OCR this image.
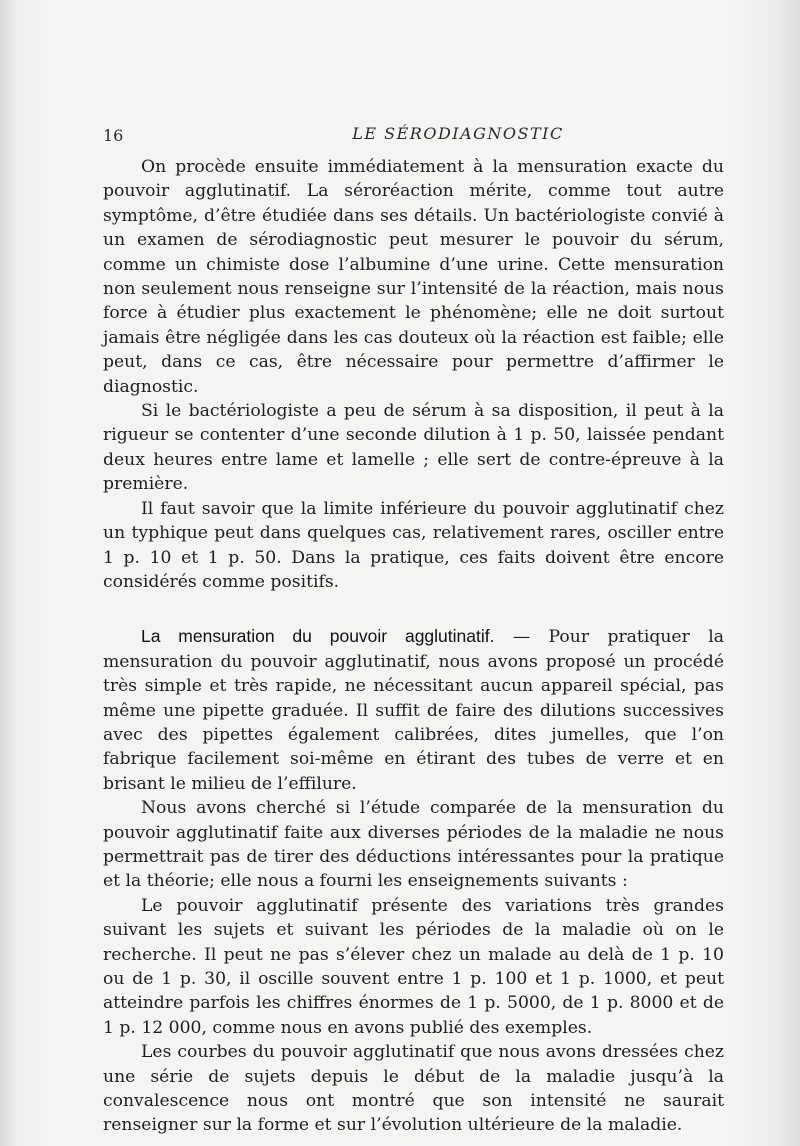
16	LE SÉRODIAGNOSTIC

On procède ensuite immédiatement à la mensuration exacte du pouvoir agglutinatif. La séroréaction mérite, comme tout autre symptôme, d’être étudiée dans ses détails. Un bactériologiste convié à un examen de sérodiagnostic peut mesurer le pouvoir du sérum, comme un chimiste dose l’albumine d’une urine. Cette mensuration non seulement nous renseigne sur l’intensité de la réaction, mais nous force à étudier plus exactement le phénomène; elle ne doit surtout jamais être négligée dans les cas douteux où la réaction est faible; elle peut, dans ce cas, être nécessaire pour permettre d’affirmer le diagnostic.

Si le bactériologiste a peu de sérum à sa disposition, il peut à la rigueur se contenter d’une seconde dilution à 1 p. 50, laissée pendant deux heures entre lame et lamelle ; elle sert de contre-épreuve à la première.

Il faut savoir que la limite inférieure du pouvoir agglutinatif chez un typhique peut dans quelques cas, relativement rares, osciller entre 1 p. 10 et 1 p. 50. Dans la pratique, ces faits doivent être encore considérés comme positifs.

La mensuration du pouvoir agglutinatif. — Pour pratiquer la mensuration du pouvoir agglutinatif, nous avons proposé un procédé très simple et très rapide, ne nécessitant aucun appareil spécial, pas même une pipette graduée. Il suffit de faire des dilutions successives avec des pipettes également calibrées, dites jumelles, que l’on fabrique facilement soi-même en étirant des tubes de verre et en brisant le milieu de l’effilure.

Nous avons cherché si l’étude comparée de la mensuration du pouvoir agglutinatif faite aux diverses périodes de la maladie ne nous permettrait pas de tirer des déductions intéressantes pour la pratique et la théorie; elle nous a fourni les enseignements suivants :

Le pouvoir agglutinatif présente des variations très grandes suivant les sujets et suivant les périodes de la maladie où on le recherche. Il peut ne pas s’élever chez un malade au delà de 1 p. 10 ou de 1 p. 30, il oscille souvent entre 1 p. 100 et 1 p. 1000, et peut atteindre parfois les chiffres énormes de 1 p. 5000, de 1 p. 8000 et de 1 p. 12 000, comme nous en avons publié des exemples.

Les courbes du pouvoir agglutinatif que nous avons dressées chez une série de sujets depuis le début de la maladie jusqu’à la convalescence nous ont montré que son intensité ne saurait renseigner sur la forme et sur l’évolution ultérieure de la maladie.
